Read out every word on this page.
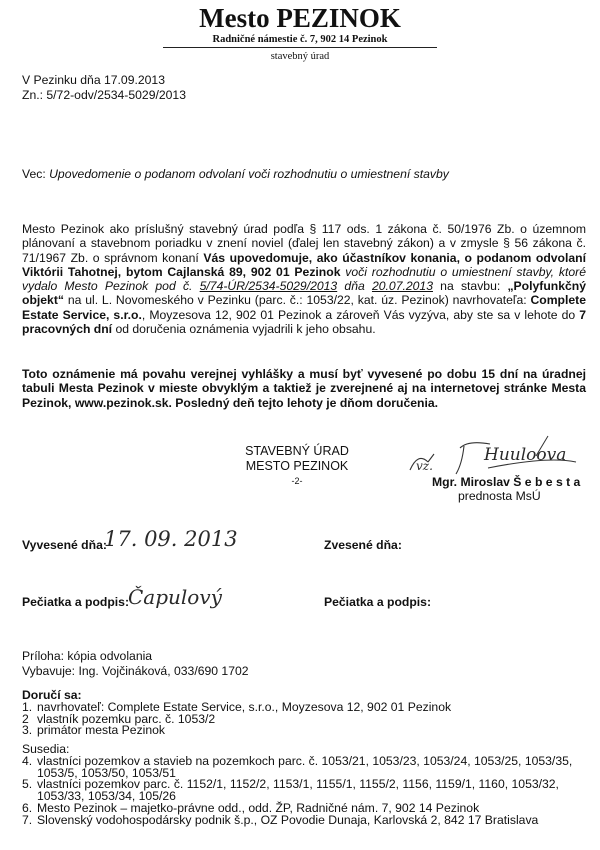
Mesto PEZINOK
Radničné námestie č. 7, 902 14 Pezinok
stavebný úrad
V Pezinku dňa 17.09.2013
Zn.: 5/72-odv/2534-5029/2013
Vec: Upovedomenie o podanom odvolaní voči rozhodnutiu o umiestnení stavby
Mesto Pezinok ako príslušný stavebný úrad podľa § 117 ods. 1 zákona č. 50/1976 Zb. o územnom plánovaní a stavebnom poriadku v znení noviel (ďalej len stavebný zákon) a v zmysle § 56 zákona č. 71/1967 Zb. o správnom konaní Vás upovedomuje, ako účastníkov konania, o podanom odvolaní Viktórii Tahotnej, bytom Cajlanská 89, 902 01 Pezinok voči rozhodnutiu o umiestnení stavby, ktoré vydalo Mesto Pezinok pod č. 5/74-ÚR/2534-5029/2013 dňa 20.07.2013 na stavbu: „Polyfunkčný objekt“ na ul. L. Novomeského v Pezinku (parc. č.: 1053/22, kat. úz. Pezinok) navrhovateľa: Complete Estate Service, s.r.o., Moyzesova 12, 902 01 Pezinok a zároveň Vás vyzýva, aby ste sa v lehote do 7 pracovných dní od doručenia oznámenia vyjadrili k jeho obsahu.
Toto oznámenie má povahu verejnej vyhlášky a musí byť vyvesené po dobu 15 dní na úradnej tabuli Mesta Pezinok v mieste obvyklým a taktiež je zverejnené aj na internetovej stránke Mesta Pezinok, www.pezinok.sk. Posledný deň tejto lehoty je dňom doručenia.
STAVEBNÝ ÚRAD
MESTO PEZINOK
-2-
vz.
Huuloova
Mgr. Miroslav Š e b e s t a
prednosta MsÚ
Vyvesené dňa:
17. 09. 2013	Zvesené dňa:
Pečiatka a podpis:
Čapulový	Pečiatka a podpis:
Príloha: kópia odvolania
Vybavuje: Ing. Vojčináková, 033/690 1702
Doručí sa:
1. navrhovateľ: Complete Estate Service, s.r.o., Moyzesova 12, 902 01 Pezinok
2 vlastník pozemku parc. č. 1053/2
3. primátor mesta Pezinok
Susedia:
4. vlastníci pozemkov a stavieb na pozemkoch parc. č. 1053/21, 1053/23, 1053/24, 1053/25, 1053/35, 1053/5, 1053/50, 1053/51
5. vlastníci pozemkov parc. č. 1152/1, 1152/2, 1153/1, 1155/1, 1155/2, 1156, 1159/1, 1160, 1053/32, 1053/33, 1053/34, 105/26
6. Mesto Pezinok – majetko-právne odd., odd. ŽP, Radničné nám. 7, 902 14 Pezinok
7. Slovenský vodohospodársky podnik š.p., OZ Povodie Dunaja, Karlovská 2, 842 17 Bratislava
